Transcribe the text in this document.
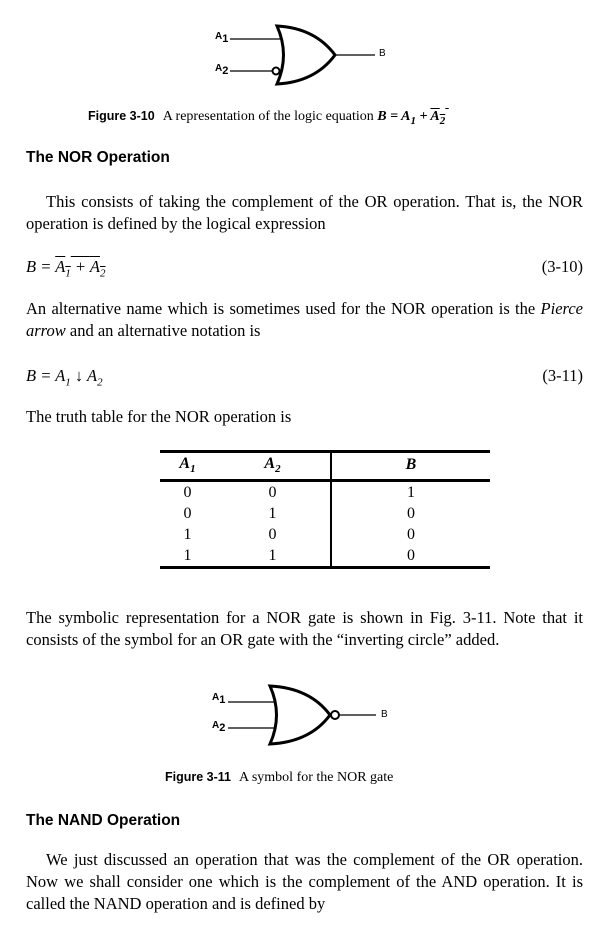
$A_1$
$A_2$
B
Figure 3-10 A representation of the logic equation $B = A_1 + A_2$
The NOR Operation
This consists of taking the complement of the OR operation. That is, the NOR operation is defined by the logical expression
$B = A_1 + A_2$	(3-10)
An alternative name which is sometimes used for the NOR operation is the Pierce arrow and an alternative notation is
$B = A_1$ ↓ $A_2$	(3-11)
The truth table for the NOR operation is
$A_1$	$A_2$	B
0	0	1
0	1	0
1	0	0
1	1	0
The symbolic representation for a NOR gate is shown in Fig. 3-11. Note that it consists of the symbol for an OR gate with the “inverting circle” added.
$A_1$
$A_2$
B
Figure 3-11 A symbol for the NOR gate
The NAND Operation
We just discussed an operation that was the complement of the OR operation. Now we shall consider one which is the complement of the AND operation. It is called the NAND operation and is defined by
